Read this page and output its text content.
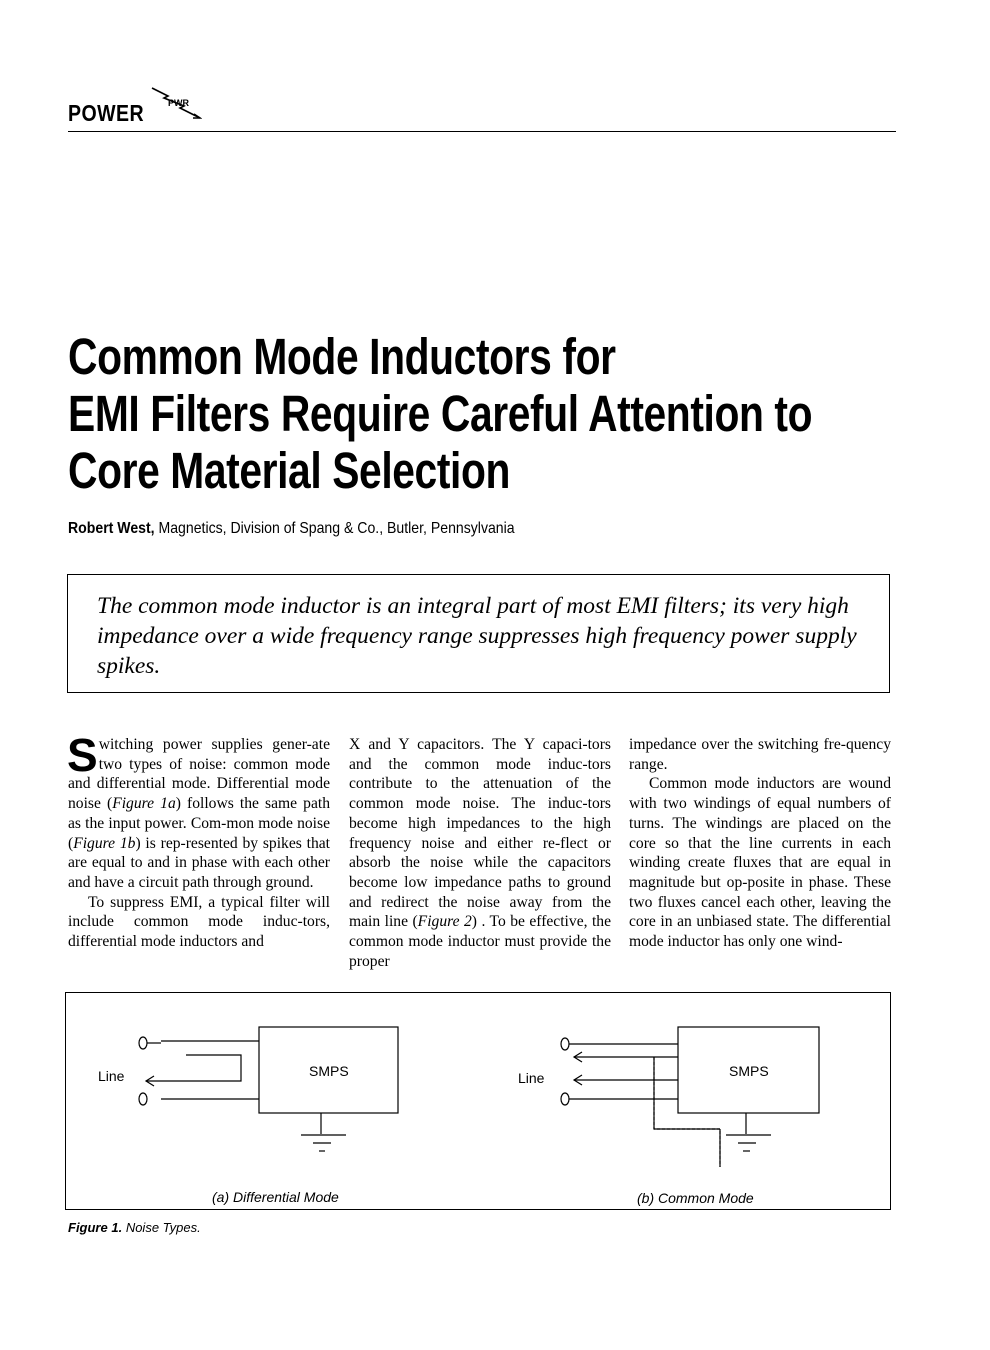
POWER	PWR
Common Mode Inductors for
EMI Filters Require Careful Attention to
Core Material Selection
Robert West, Magnetics, Division of Spang & Co., Butler, Pennsylvania
The common mode inductor is an integral part of most EMI filters; its very high impedance over a wide frequency range suppresses high frequency power supply spikes.

Switching power supplies gener-ate two types of noise: common mode and differential mode. Differential mode noise (Figure 1a) follows the same path as the input power. Com-mon mode noise (Figure 1b) is rep-resented by spikes that are equal to and in phase with each other and have a circuit path through ground.

To suppress EMI, a typical filter will include common mode induc-tors, differential mode inductors and

X and Y capacitors. The Y capaci-tors and the common mode induc-tors contribute to the attenuation of the common mode noise. The induc-tors become high impedances to the high frequency noise and either re-flect or absorb the noise while the capacitors become low impedance paths to ground and redirect the noise away from the main line (Figure 2) . To be effective, the common mode inductor must provide the proper

impedance over the switching fre-quency range.

Common mode inductors are wound with two windings of equal numbers of turns. The windings are placed on the core so that the line currents in each winding create fluxes that are equal in magnitude but op-posite in phase. These two fluxes cancel each other, leaving the core in an unbiased state. The differential mode inductor has only one wind-

Line	SMPS
(a) Differential Mode
Line	SMPS
(b) Common Mode
Figure 1. Noise Types.
